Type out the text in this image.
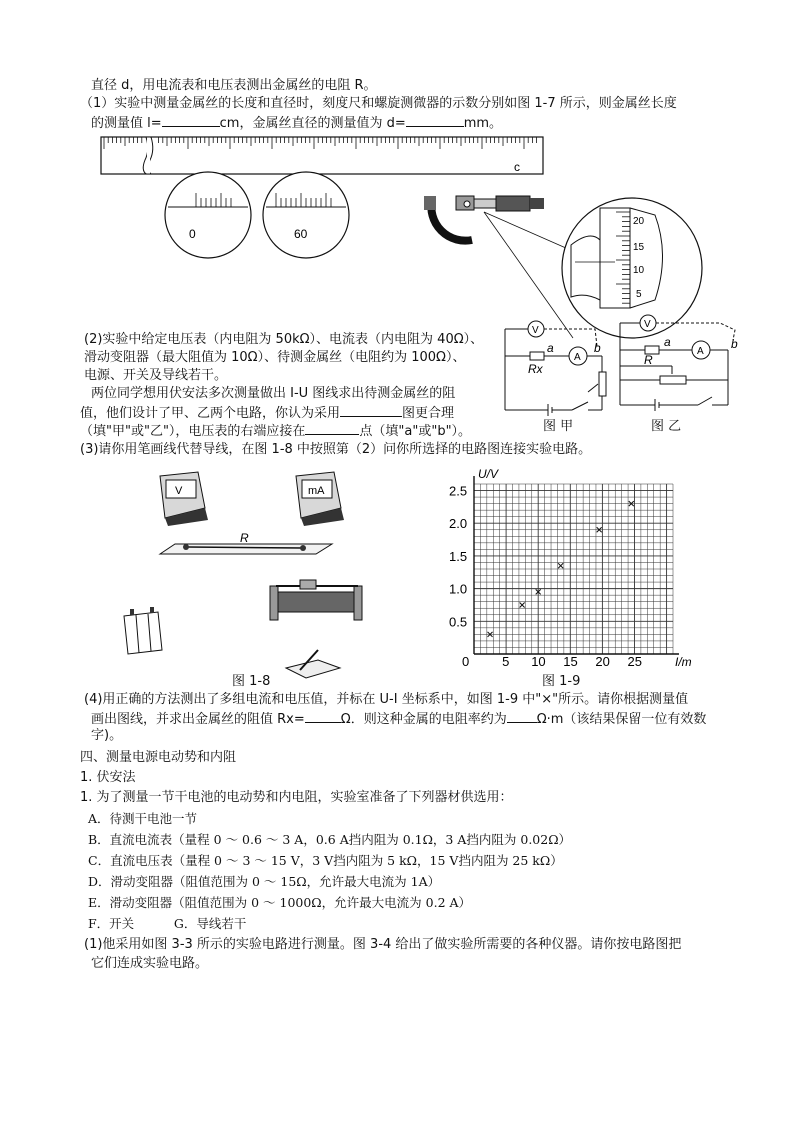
直径 d，用电流表和电压表测出金属丝的电阻 R。
（1）实验中测量金属丝的长度和直径时，刻度尺和螺旋测微器的示数分别如图 1-7 所示，则金属丝长度
的测量值 l=	cm，金属丝直径的测量值为 d=	mm。
c
0	60
20
15
10
5
V
A
a	b
Rx
V
A
a	b
R
V	mA
R
2.5
2.0
1.5
1.0
0.5
5 10 15 20 25
0
U/V
I/m
图 甲	图 乙
(2)实验中给定电压表（内电阻为 50kΩ）、电流表（内电阻为 40Ω）、
滑动变阻器（最大阻值为 10Ω）、待测金属丝（电阻约为 100Ω）、
电源、开关及导线若干。
两位同学想用伏安法多次测量做出 I-U 图线求出待测金属丝的阻
值，他们设计了甲、乙两个电路，你认为采用	图更合理
（填"甲"或"乙"），电压表的右端应接在	点（填"a"或"b"）。
(3)请你用笔画线代替导线，在图 1-8 中按照第（2）问你所选择的电路图连接实验电路。
图 1-8	图 1-9
(4)用正确的方法测出了多组电流和电压值，并标在 U-I 坐标系中，如图 1-9 中"×"所示。请你根据测量值
画出图线，并求出金属丝的阻值 Rx=	Ω．则这种金属的电阻率约为 Ω·m（该结果保留一位有效数
字)。
四、测量电源电动势和内阻
1. 伏安法
1. 为了测量一节干电池的电动势和内电阻，实验室准备了下列器材供选用：
A．待测干电池一节
B．直流电流表（量程 0 ～ 0.6 ～ 3 A，0.6 A挡内阻为 0.1Ω，3 A挡内阻为 0.02Ω）
C．直流电压表（量程 0 ～ 3 ～ 15 V，3 V挡内阻为 5 kΩ，15 V挡内阻为 25 kΩ）
D．滑动变阻器（阻值范围为 0 ～ 15Ω，允许最大电流为 1A）
E．滑动变阻器（阻值范围为 0 ～ 1000Ω，允许最大电流为 0.2 A）
F．开关          G．导线若干
(1)他采用如图 3-3 所示的实验电路进行测量。图 3-4 给出了做实验所需要的各种仪器。请你按电路图把
它们连成实验电路。
